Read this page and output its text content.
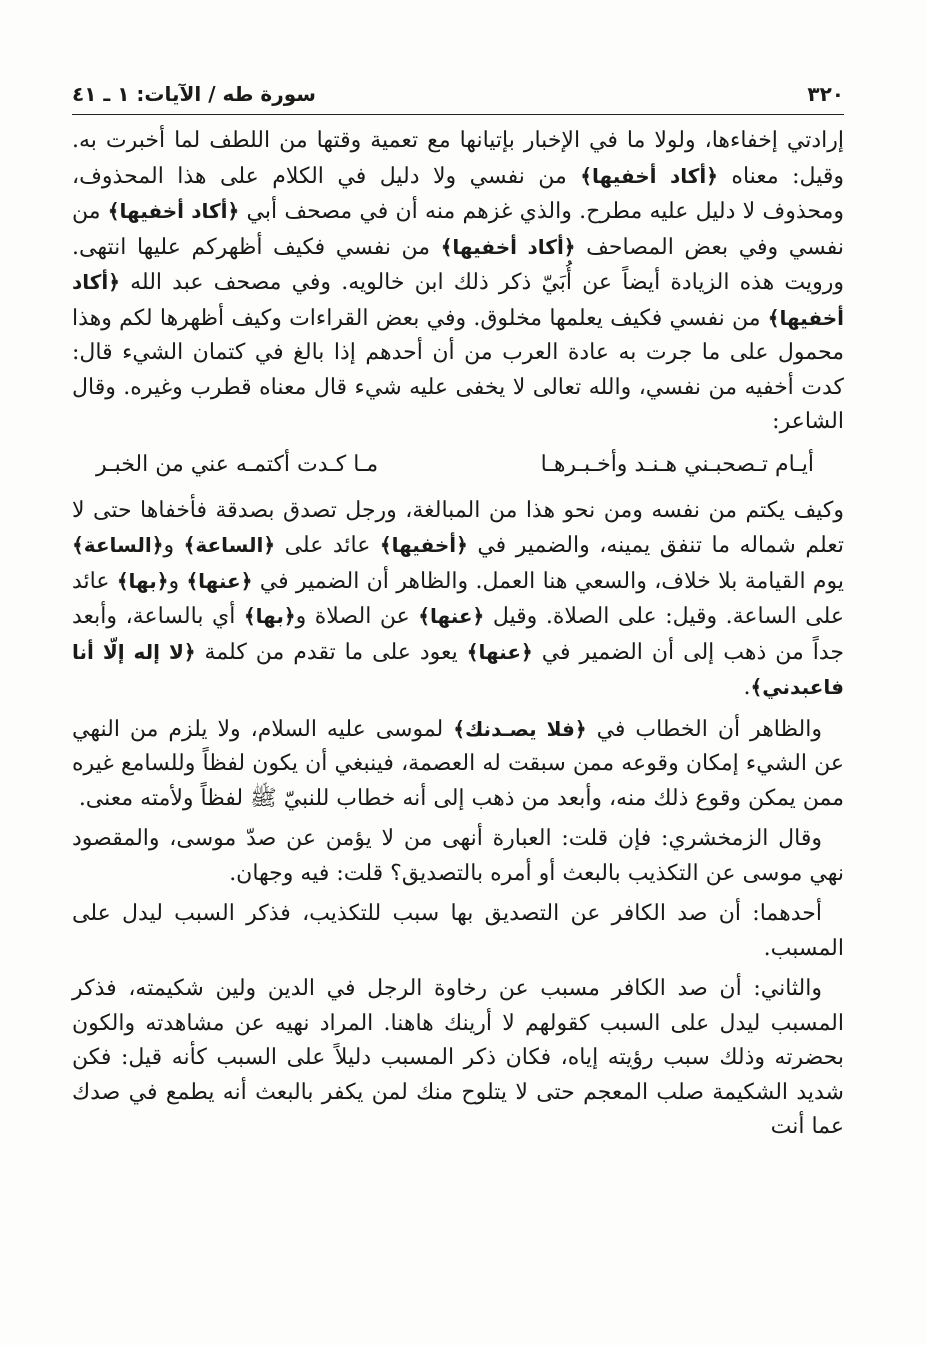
٣٢٠
سورة طه / الآيات: ١ ـ ٤١

إرادتي إخفاءها، ولولا ما في الإخبار بإتيانها مع تعمية وقتها من اللطف لما أخبرت به. وقيل: معناه ﴿أكاد أخفيها﴾ من نفسي ولا دليل في الكلام على هذا المحذوف، ومحذوف لا دليل عليه مطرح. والذي غزهم منه أن في مصحف أبي ﴿أكاد أخفيها﴾ من نفسي وفي بعض المصاحف ﴿أكاد أخفيها﴾ من نفسي فكيف أظهركم عليها انتهى. ورويت هذه الزيادة أيضاً عن أُبَيّ ذكر ذلك ابن خالويه. وفي مصحف عبد الله ﴿أكاد أخفيها﴾ من نفسي فكيف يعلمها مخلوق. وفي بعض القراءات وكيف أظهرها لكم وهذا محمول على ما جرت به عادة العرب من أن أحدهم إذا بالغ في كتمان الشيء قال: كدت أخفيه من نفسي، والله تعالى لا يخفى عليه شيء قال معناه قطرب وغيره. وقال الشاعر:

أيـام تـصحبـني هـنـد وأخـبـرهـا
مـا كـدت أكتمـه عني من الخبـر

وكيف يكتم من نفسه ومن نحو هذا من المبالغة، ورجل تصدق بصدقة فأخفاها حتى لا تعلم شماله ما تنفق يمينه، والضمير في ﴿أخفيها﴾ عائد على ﴿الساعة﴾ و﴿الساعة﴾ يوم القيامة بلا خلاف، والسعي هنا العمل. والظاهر أن الضمير في ﴿عنها﴾ و﴿بها﴾ عائد على الساعة. وقيل: على الصلاة. وقيل ﴿عنها﴾ عن الصلاة و﴿بها﴾ أي بالساعة، وأبعد جداً من ذهب إلى أن الضمير في ﴿عنها﴾ يعود على ما تقدم من كلمة ﴿لا إله إلّا أنا فاعبدني﴾.

والظاهر أن الخطاب في ﴿فلا يصـدنك﴾ لموسى عليه السلام، ولا يلزم من النهي عن الشيء إمكان وقوعه ممن سبقت له العصمة، فينبغي أن يكون لفظاً وللسامع غيره ممن يمكن وقوع ذلك منه، وأبعد من ذهب إلى أنه خطاب للنبيّ ﷺ لفظاً ولأمته معنى.

وقال الزمخشري: فإن قلت: العبارة أنهى من لا يؤمن عن صدّ موسى، والمقصود نهي موسى عن التكذيب بالبعث أو أمره بالتصديق؟ قلت: فيه وجهان.

أحدهما: أن صد الكافر عن التصديق بها سبب للتكذيب، فذكر السبب ليدل على المسبب.

والثاني: أن صد الكافر مسبب عن رخاوة الرجل في الدين ولين شكيمته، فذكر المسبب ليدل على السبب كقولهم لا أرينك هاهنا. المراد نهيه عن مشاهدته والكون بحضرته وذلك سبب رؤيته إياه، فكان ذكر المسبب دليلاً على السبب كأنه قيل: فكن شديد الشكيمة صلب المعجم حتى لا يتلوح منك لمن يكفر بالبعث أنه يطمع في صدك عما أنت
